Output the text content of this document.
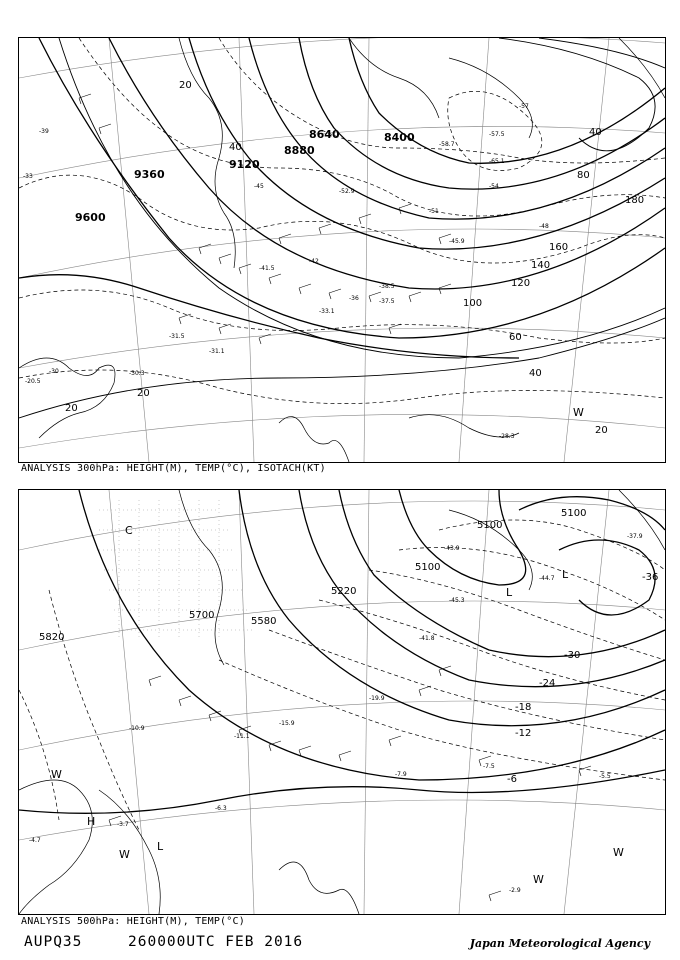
9600
9360
9120
8880
8640	8400
20
20
20
20
40
40
40
60
80
100
120
140
160
180
-33
-39
-45
-51
-57
-36
-42
-48
-54
-30
-31.5
-31.1
-30.3
-33.1
-37.5
-41.5
-45.9
-57.5
-65.1
-58.7
-38.5
-52.9
-28.3
-20.5
W
ANALYSIS 300hPa: HEIGHT(M), TEMP(°C), ISOTACH(KT)
5700
5580
5220
5100
5100
5100
5820
-36
-30
-24
-18
-12
-6
-11.1
-15.9
-41.8
-45.3
-7.5
-5.5
-7.9
-2.9
-6.3
-3.7
-4.7
-10.9
-19.9
-43.9
-37.9
-44.7
C
L
L
H
L
W
W	W
W
ANALYSIS 500hPa: HEIGHT(M), TEMP(°C)
AUPQ35	260000UTC FEB 2016	Japan Meteorological Agency
